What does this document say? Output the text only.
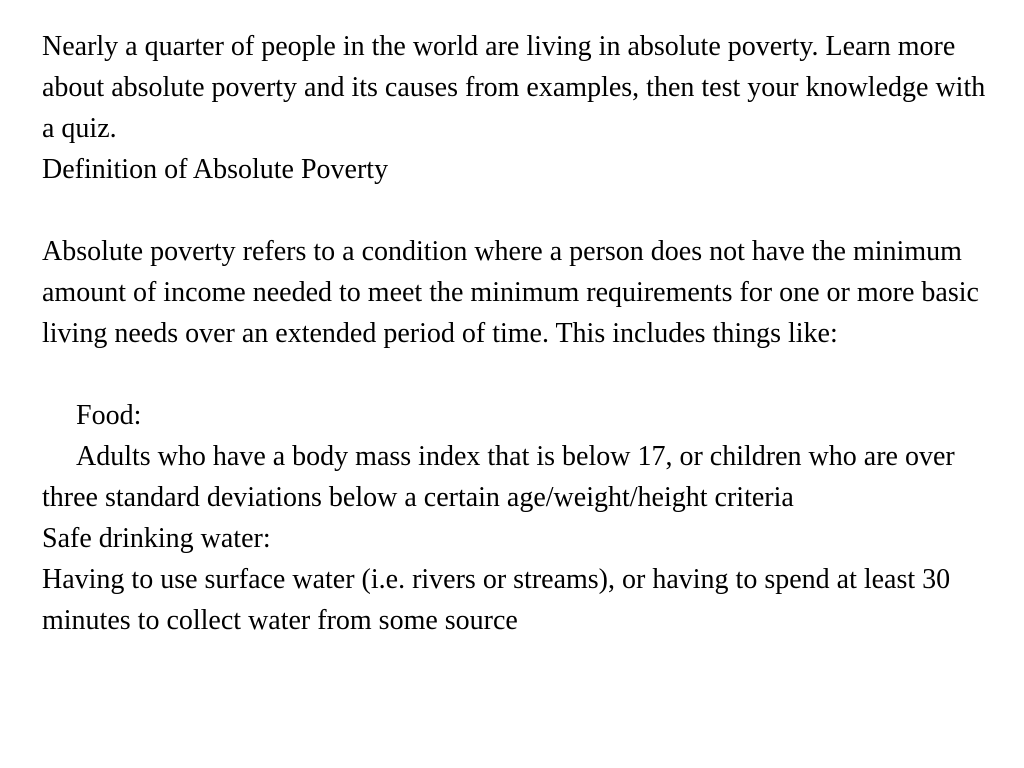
Nearly a quarter of people in the world are living in absolute poverty. Learn more about absolute poverty and its causes from examples, then test your knowledge with a quiz.

Definition of Absolute Poverty

Absolute poverty refers to a condition where a person does not have the minimum amount of income needed to meet the minimum requirements for one or more basic living needs over an extended period of time. This includes things like:

Food:

Adults who have a body mass index that is below 17, or children who are over three standard deviations below a certain age/weight/height criteria

Safe drinking water:

Having to use surface water (i.e. rivers or streams), or having to spend at least 30 minutes to collect water from some source
